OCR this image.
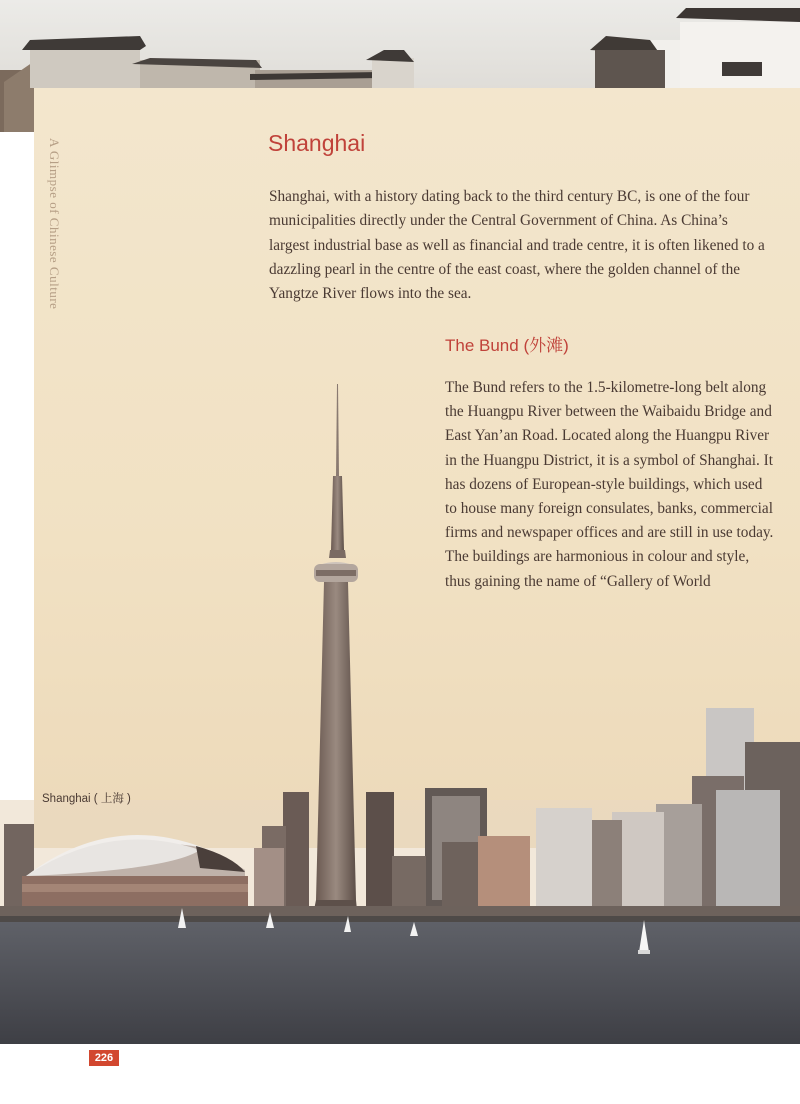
A Glimpse of Chinese Culture	Shanghai

Shanghai, with a history dating back to the third century BC, is one of the four municipalities directly under the Central Government of China. As China’s largest industrial base as well as financial and trade centre, it is often likened to a dazzling pearl in the centre of the east coast, where the golden channel of the Yangtze River flows into the sea.

The Bund (外滩)

The Bund refers to the 1.5-kilometre-long belt along the Huangpu River between the Waibaidu Bridge and East Yan’an Road. Located along the Huangpu River in the Huangpu District, it is a symbol of Shanghai. It has dozens of European-style buildings, which used to house many foreign consulates, banks, commercial firms and newspaper offices and are still in use today. The buildings are harmonious in colour and style, thus gaining the name of “Gallery of World

Shanghai ( 上海 )

226
